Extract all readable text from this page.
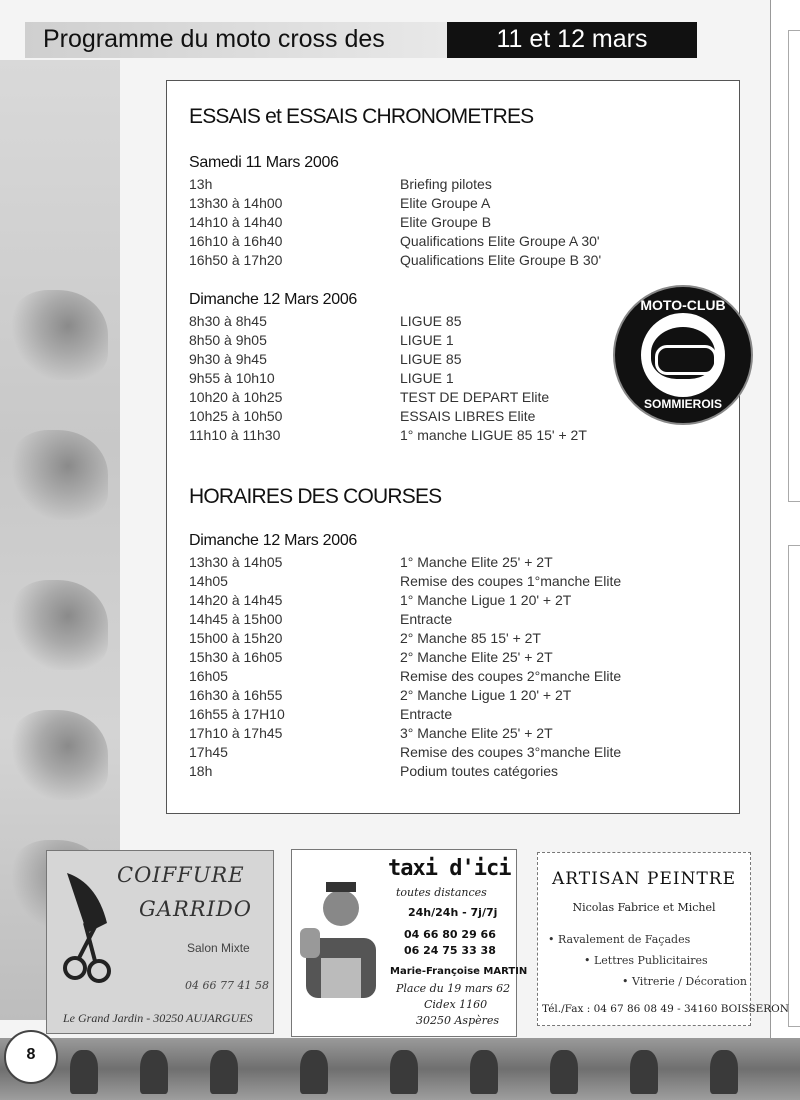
Programme du moto cross des	11 et 12 mars
ESSAIS et ESSAIS CHRONOMETRES
Samedi 11 Mars 2006
13h	Briefing pilotes
13h30 à 14h00	Elite Groupe A
14h10 à 14h40	Elite Groupe B
16h10 à 16h40	Qualifications Elite Groupe A 30'
16h50 à 17h20	Qualifications Elite Groupe B 30'
Dimanche 12 Mars 2006
8h30 à 8h45	LIGUE 85
8h50 à 9h05	LIGUE 1
9h30 à 9h45	LIGUE 85
9h55 à 10h10	LIGUE 1
10h20 à 10h25	TEST DE DEPART Elite
10h25 à 10h50	ESSAIS LIBRES Elite
11h10 à 11h30	1° manche LIGUE 85 15' + 2T
HORAIRES DES COURSES
Dimanche 12 Mars 2006
13h30 à 14h05	1° Manche Elite 25' + 2T
14h05	Remise des coupes 1°manche Elite
14h20 à 14h45	1° Manche Ligue 1 20' + 2T
14h45 à 15h00	Entracte
15h00 à 15h20	2° Manche 85 15' + 2T
15h30 à 16h05	2° Manche Elite 25' + 2T
16h05	Remise des coupes 2°manche Elite
16h30 à 16h55	2° Manche Ligue 1 20' + 2T
16h55 à 17H10	Entracte
17h10 à 17h45	3° Manche Elite 25' + 2T
17h45	Remise des coupes 3°manche Elite
18h	Podium toutes catégories
MOTO-CLUB
SOMMIEROIS
COIFFURE
GARRIDO
Salon Mixte
04 66 77 41 58
Le Grand Jardin - 30250 AUJARGUES
taxi d'ici
toutes distances
24h/24h - 7j/7j
04 66 80 29 66
06 24 75 33 38
Marie-Françoise MARTIN
Place du 19 mars 62
Cidex 1160
30250 Aspères
ARTISAN PEINTRE
Nicolas Fabrice et Michel
• Ravalement de Façades
• Lettres Publicitaires
• Vitrerie / Décoration
Tél./Fax : 04 67 86 08 49 - 34160 BOISSERON
8
